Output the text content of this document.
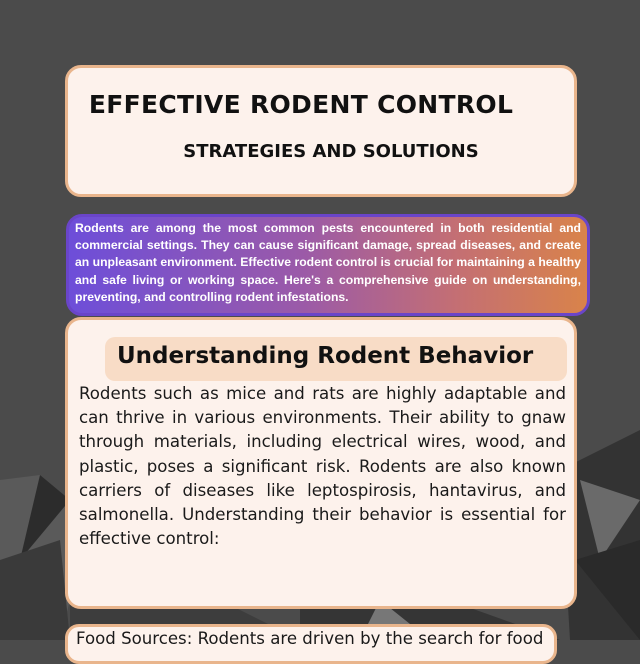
EFFECTIVE RODENT CONTROL
STRATEGIES AND SOLUTIONS
Rodents are among the most common pests encountered in both residential and commercial settings. They can cause significant damage, spread diseases, and create an unpleasant environment. Effective rodent control is crucial for maintaining a healthy and safe living or working space. Here's a comprehensive guide on understanding, preventing, and controlling rodent infestations.
Understanding Rodent Behavior
Rodents such as mice and rats are highly adaptable and can thrive in various environments. Their ability to gnaw through materials, including electrical wires, wood, and plastic, poses a significant risk. Rodents are also known carriers of diseases like leptospirosis, hantavirus, and salmonella. Understanding their behavior is essential for effective control:
Food Sources: Rodents are driven by the search for food
